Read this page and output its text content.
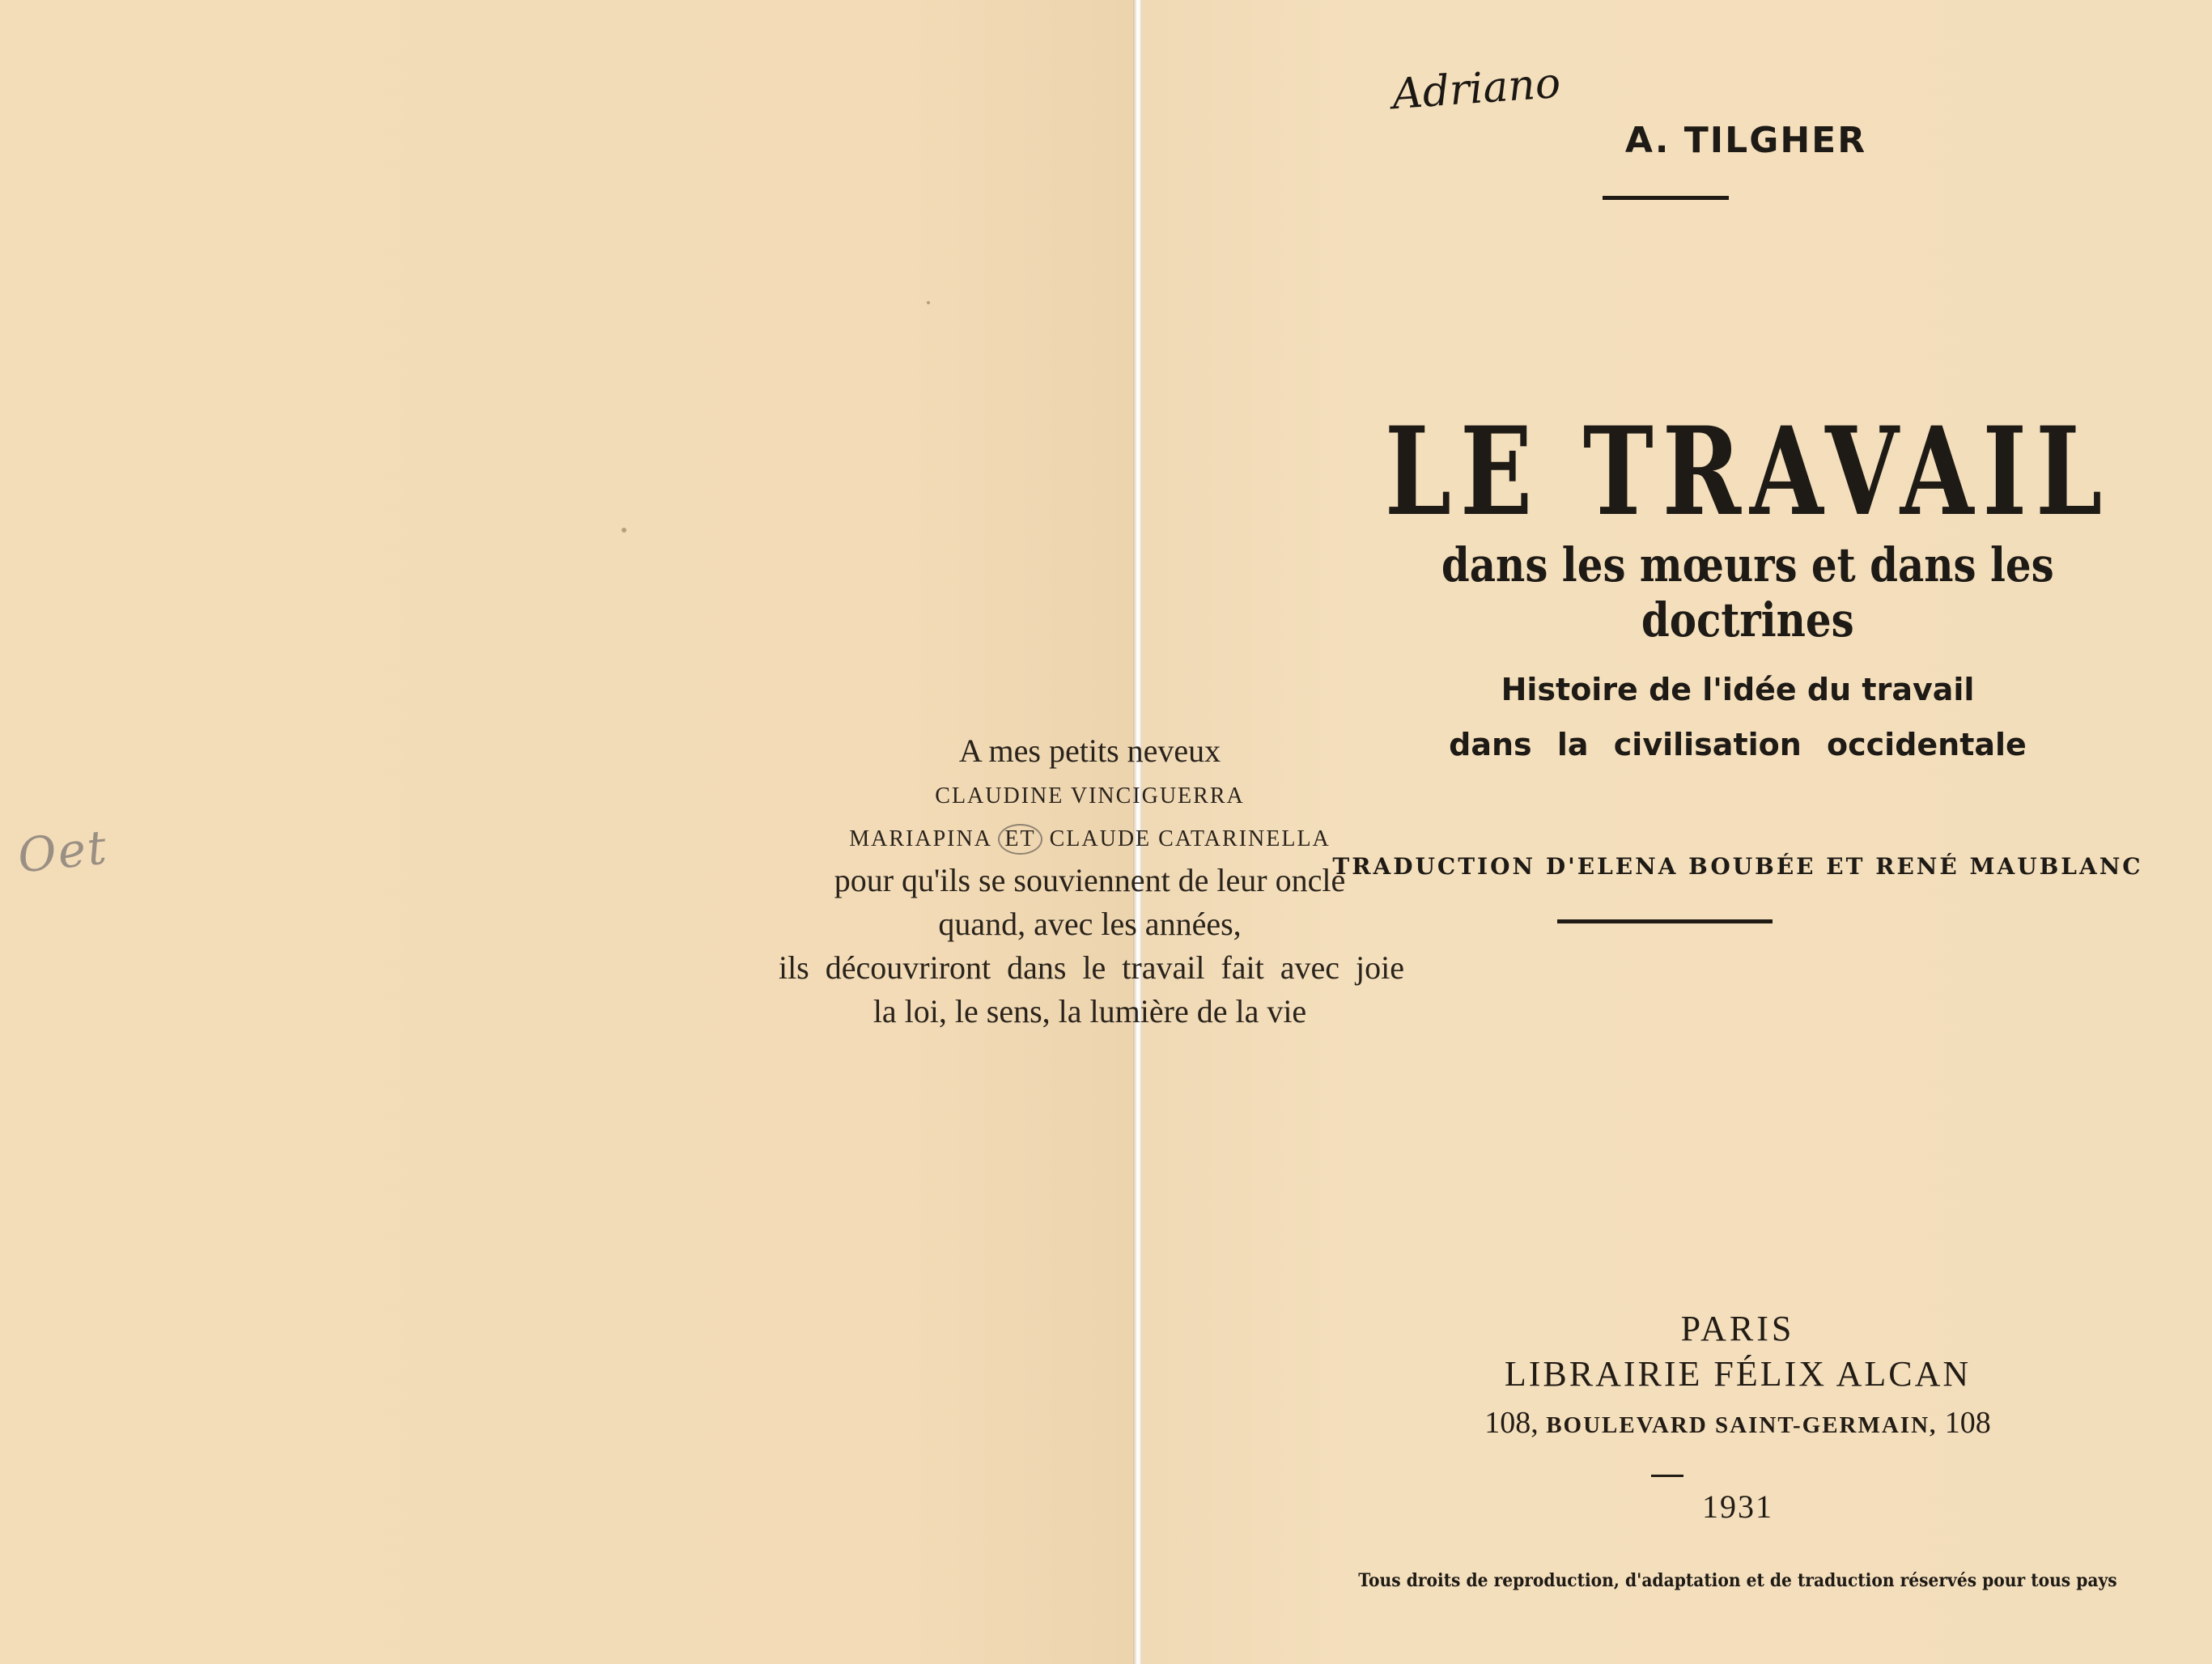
A mes petits neveux
CLAUDINE VINCIGUERRA
MARIAPINA ET CLAUDE CATARINELLA
pour qu'ils se souviennent de leur oncle
quand, avec les années,
ils découvriront dans le travail fait avec joie
la loi, le sens, la lumière de la vie
Oet
Adriano
A. TILGHER
LE TRAVAIL
dans les mœurs et dans les doctrines
Histoire de l'idée du travail
dans la civilisation occidentale
TRADUCTION D'ELENA BOUBÉE ET RENÉ MAUBLANC
PARIS
LIBRAIRIE FÉLIX ALCAN
108, BOULEVARD SAINT-GERMAIN, 108
1931
Tous droits de reproduction, d'adaptation et de traduction réservés pour tous pays
